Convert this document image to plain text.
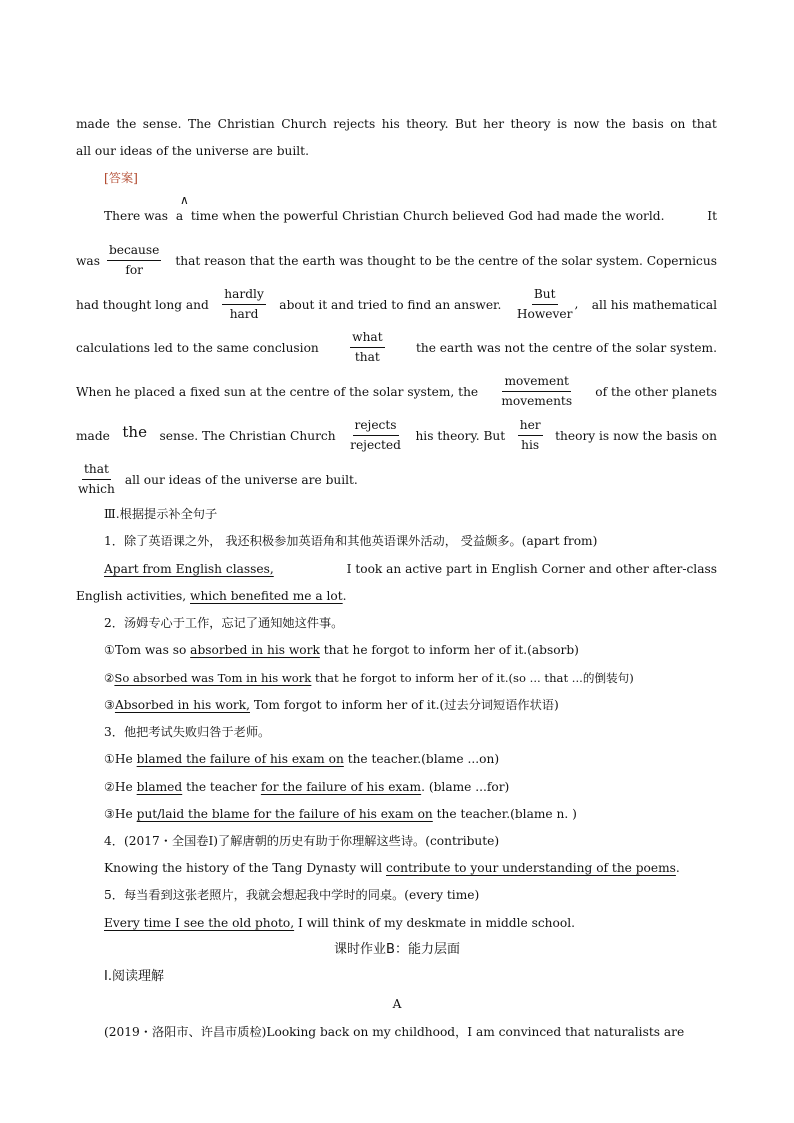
made the sense. The Christian Church rejects his theory. But her theory is now the basis on that
all our ideas of the universe are built.
[答案]
∧
There was a time when the powerful Christian Church believed God had made the world.	It
was $\frac{\text{because}}{\text{for}}$	that reason that the earth was thought to be the centre of the solar system. Copernicus
had thought long and $\frac{\text{hardly}}{\text{hard}}$ about it and tried to find an answer. $\frac{\text{But}}{\text{However}}$ , all his mathematical
calculations led to the same conclusion	$\frac{\text{what}}{\text{that}}$	the earth was not the centre of the solar system.
When he placed a fixed sun at the centre of the solar system, the $\frac{\text{movement}}{\text{movements}}$ of the other planets
made the sense. The Christian Church $\frac{\text{rejects}}{\text{rejected}}$ his theory. But $\frac{\text{her}}{\text{his}}$ theory is now the basis on
$\frac{\text{that}}{\text{which}}$ all our ideas of the universe are built.
Ⅲ.根据提示补全句子
1．除了英语课之外， 我还积极参加英语角和其他英语课外活动， 受益颇多。(apart from)
Apart from English classes,	I took an active part in English Corner and other after-class
English activities, which benefited me a lot.
2．汤姆专心于工作，忘记了通知她这件事。
①Tom was so absorbed in his work that he forgot to inform her of it.(absorb)
②So absorbed was Tom in his work that he forgot to inform her of it.(so ... that ...的倒装句)
③Absorbed in his work, Tom forgot to inform her of it.(过去分词短语作状语)
3．他把考试失败归咎于老师。
①He blamed the failure of his exam on the teacher.(blame ...on)
②He blamed the teacher for the failure of his exam. (blame ...for)
③He put/laid the blame for the failure of his exam on the teacher.(blame n. )
4．(2017・全国卷Ⅰ)了解唐朝的历史有助于你理解这些诗。(contribute)
Knowing the history of the Tang Dynasty will contribute to your understanding of the poems.
5．每当看到这张老照片，我就会想起我中学时的同桌。(every time)
Every time I see the old photo, I will think of my deskmate in middle school.
课时作业B：能力层面
Ⅰ.阅读理解
A
(2019・洛阳市、许昌市质检)Looking back on my childhood，I am convinced that naturalists are
